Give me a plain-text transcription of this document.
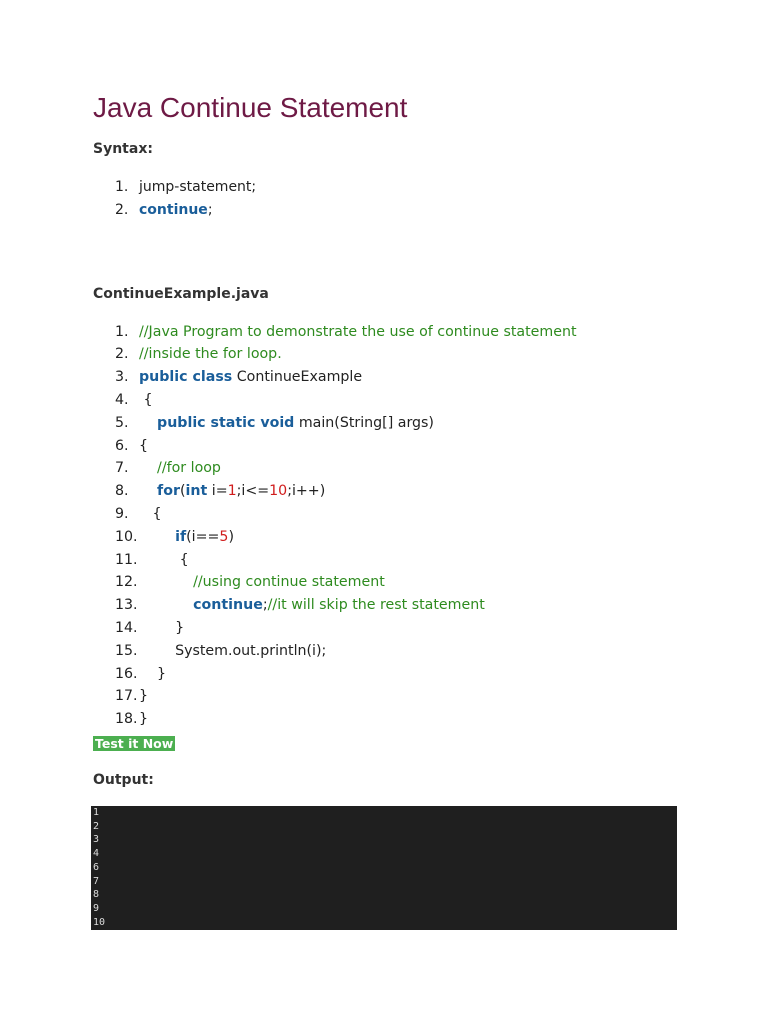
Java Continue Statement

Syntax:

1. jump-statement;
2. continue;

ContinueExample.java

1. //Java Program to demonstrate the use of continue statement
2. //inside the for loop.
3. public class ContinueExample
4. {
5. public static void main(String[] args)
6. {
7. //for loop
8. for(int i=1;i<=10;i++)
9. {
10.	if(i==5)
11. {
12.	//using continue statement
13.	continue;//it will skip the rest statement
14. }
15. System.out.println(i);
16. }
17. }
18. }
Test it Now

Output:

1
2
3
4
6
7
8
9
10
